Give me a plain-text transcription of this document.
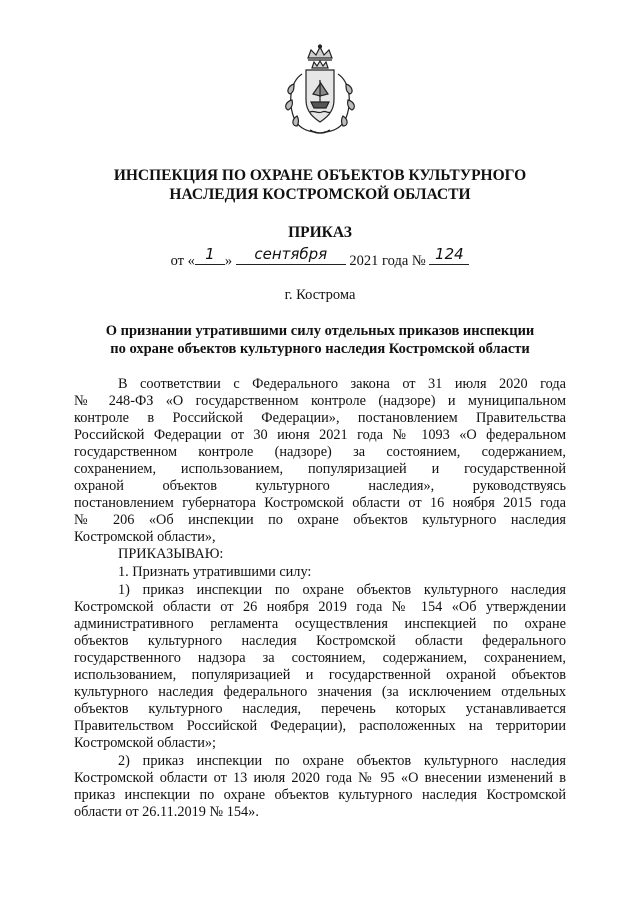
ИНСПЕКЦИЯ ПО ОХРАНЕ ОБЪЕКТОВ КУЛЬТУРНОГО
НАСЛЕДИЯ КОСТРОМСКОЙ ОБЛАСТИ
ПРИКАЗ
от « 1 »	сентября	2021 года № 124
г. Кострома
О признании утратившими силу отдельных приказов инспекции
по охране объектов культурного наследия Костромской области
В соответствии с Федерального закона от 31 июля 2020 года
№ 248-ФЗ «О государственном контроле (надзоре) и муниципальном
контроле в Российской Федерации», постановлением Правительства
Российской Федерации от 30 июня 2021 года № 1093 «О федеральном
государственном контроле (надзоре) за состоянием, содержанием,
сохранением, использованием, популяризацией и государственной
охраной объектов культурного наследия», руководствуясь
постановлением губернатора Костромской области от 16 ноября 2015 года
№ 206 «Об инспекции по охране объектов культурного наследия
Костромской области»,
ПРИКАЗЫВАЮ:
1. Признать утратившими силу:
1) приказ инспекции по охране объектов культурного наследия
Костромской области от 26 ноября 2019 года № 154 «Об утверждении
административного регламента осуществления инспекцией по охране
объектов культурного наследия Костромской области федерального
государственного надзора за состоянием, содержанием, сохранением,
использованием, популяризацией и государственной охраной объектов
культурного наследия федерального значения (за исключением отдельных
объектов культурного наследия, перечень которых устанавливается
Правительством Российской Федерации), расположенных на территории
Костромской области»;
2) приказ инспекции по охране объектов культурного наследия
Костромской области от 13 июля 2020 года № 95 «О внесении изменений в
приказ инспекции по охране объектов культурного наследия Костромской
области от 26.11.2019 № 154».
